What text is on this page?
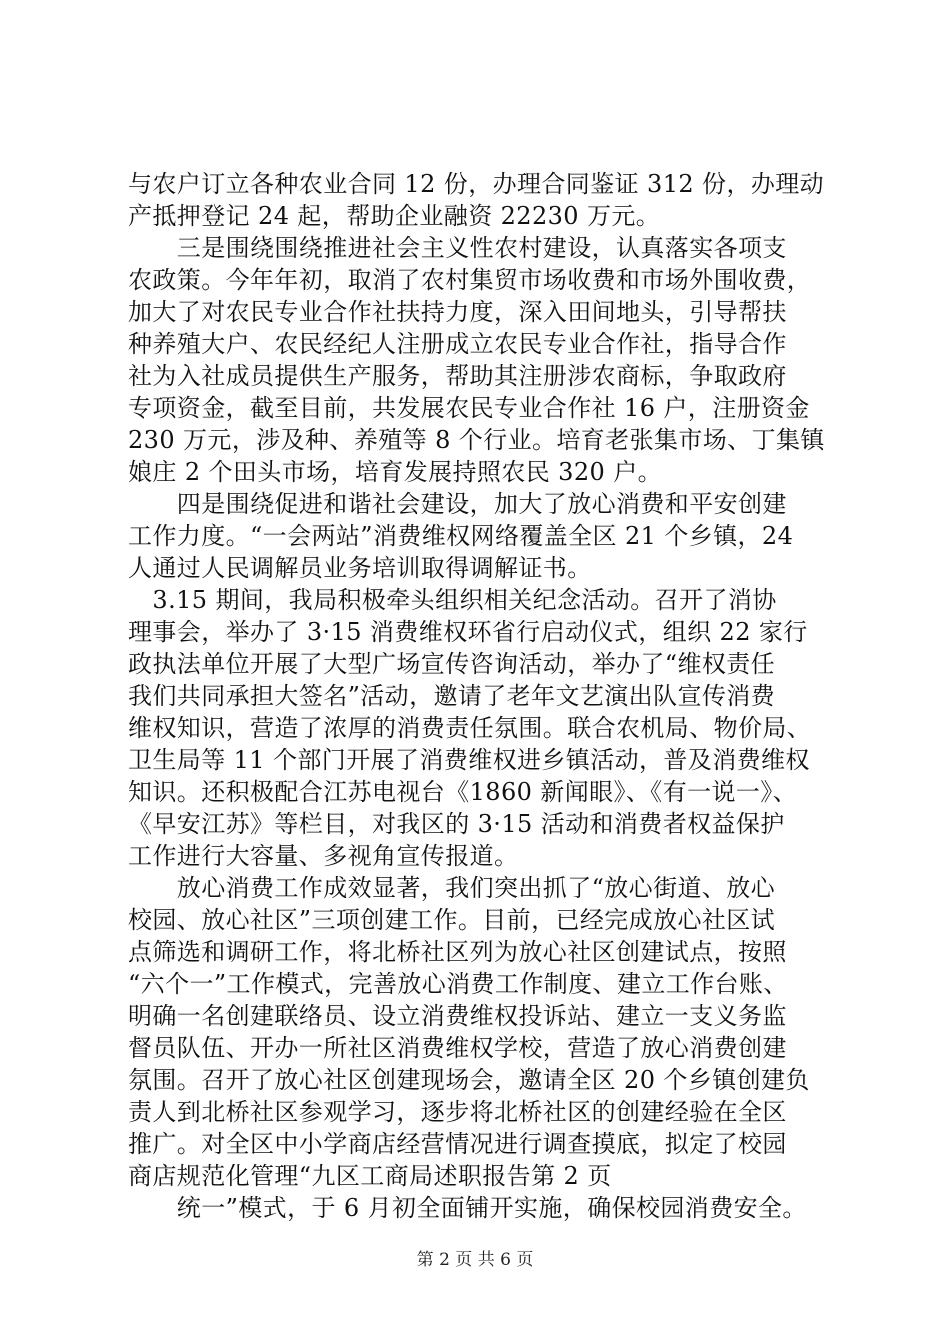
与农户订立各种农业合同 12 份，办理合同鉴证 312 份，办理动
产抵押登记 24 起，帮助企业融资 22230 万元。
　　三是围绕围绕推进社会主义性农村建设，认真落实各项支
农政策。今年年初，取消了农村集贸市场收费和市场外围收费，
加大了对农民专业合作社扶持力度，深入田间地头，引导帮扶
种养殖大户、农民经纪人注册成立农民专业合作社，指导合作
社为入社成员提供生产服务，帮助其注册涉农商标，争取政府
专项资金，截至目前，共发展农民专业合作社 16 户，注册资金
230 万元，涉及种、养殖等 8 个行业。培育老张集市场、丁集镇
娘庄 2 个田头市场，培育发展持照农民 320 户。
　　四是围绕促进和谐社会建设，加大了放心消费和平安创建
工作力度。“一会两站”消费维权网络覆盖全区 21 个乡镇，24
人通过人民调解员业务培训取得调解证书。
　3.15 期间，我局积极牵头组织相关纪念活动。召开了消协
理事会，举办了 3·15 消费维权环省行启动仪式，组织 22 家行
政执法单位开展了大型广场宣传咨询活动，举办了“维权责任
我们共同承担大签名”活动，邀请了老年文艺演出队宣传消费
维权知识，营造了浓厚的消费责任氛围。联合农机局、物价局、
卫生局等 11 个部门开展了消费维权进乡镇活动，普及消费维权
知识。还积极配合江苏电视台《1860 新闻眼》、《有一说一》、
《早安江苏》等栏目，对我区的 3·15 活动和消费者权益保护
工作进行大容量、多视角宣传报道。
　　放心消费工作成效显著，我们突出抓了“放心街道、放心
校园、放心社区”三项创建工作。目前，已经完成放心社区试
点筛选和调研工作，将北桥社区列为放心社区创建试点，按照
“六个一”工作模式，完善放心消费工作制度、建立工作台账、
明确一名创建联络员、设立消费维权投诉站、建立一支义务监
督员队伍、开办一所社区消费维权学校，营造了放心消费创建
氛围。召开了放心社区创建现场会，邀请全区 20 个乡镇创建负
责人到北桥社区参观学习，逐步将北桥社区的创建经验在全区
推广。对全区中小学商店经营情况进行调查摸底，拟定了校园
商店规范化管理“九区工商局述职报告第 2 页
　　统一”模式，于 6 月初全面铺开实施，确保校园消费安全。
第 2 页 共 6 页
